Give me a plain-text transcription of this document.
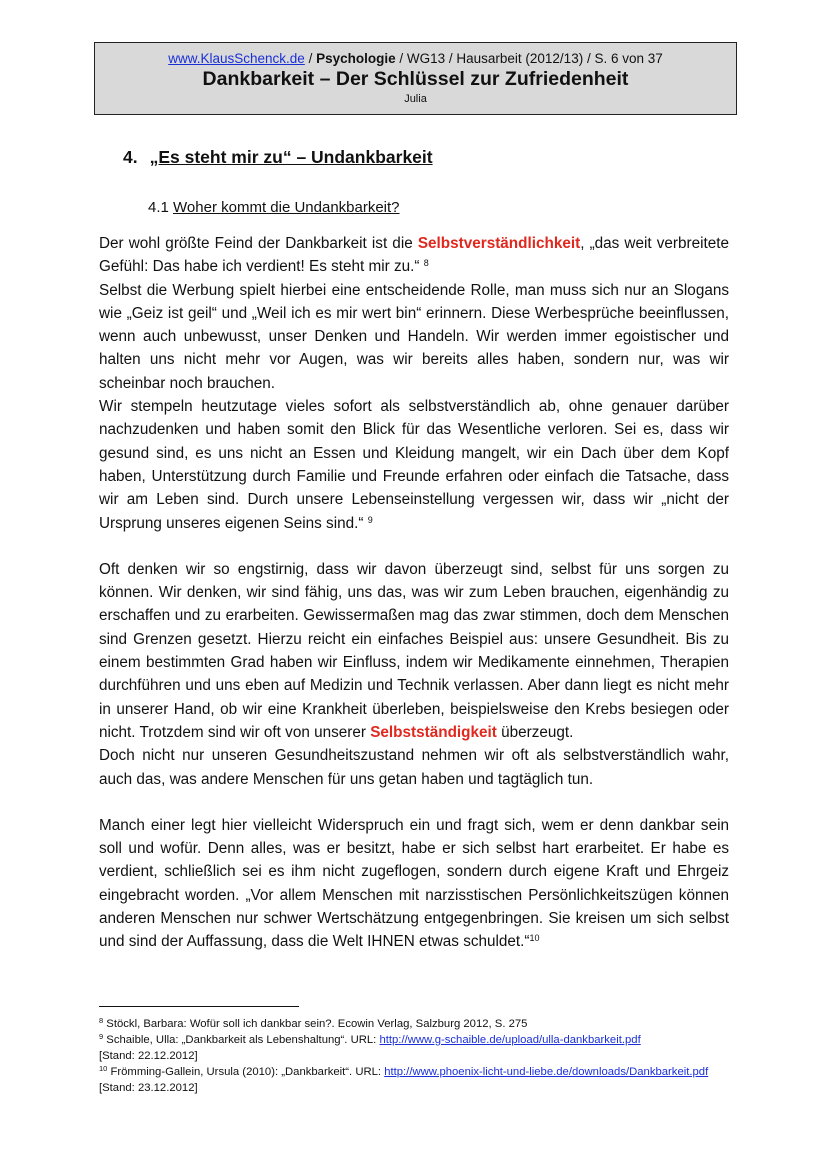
www.KlausSchenck.de / Psychologie / WG13 / Hausarbeit (2012/13) / S. 6 von 37
Dankbarkeit – Der Schlüssel zur Zufriedenheit
Julia
4. „Es steht mir zu“ – Undankbarkeit
4.1 Woher kommt die Undankbarkeit?

Der wohl größte Feind der Dankbarkeit ist die Selbstverständlichkeit, „das weit verbreitete Gefühl: Das habe ich verdient! Es steht mir zu.“ $^8$

Selbst die Werbung spielt hierbei eine entscheidende Rolle, man muss sich nur an Slogans wie „Geiz ist geil“ und „Weil ich es mir wert bin“ erinnern. Diese Werbesprüche beeinflussen, wenn auch unbewusst, unser Denken und Handeln. Wir werden immer egoistischer und halten uns nicht mehr vor Augen, was wir bereits alles haben, sondern nur, was wir scheinbar noch brauchen.

Wir stempeln heutzutage vieles sofort als selbstverständlich ab, ohne genauer darüber nachzudenken und haben somit den Blick für das Wesentliche verloren. Sei es, dass wir gesund sind, es uns nicht an Essen und Kleidung mangelt, wir ein Dach über dem Kopf haben, Unterstützung durch Familie und Freunde erfahren oder einfach die Tatsache, dass wir am Leben sind. Durch unsere Lebenseinstellung vergessen wir, dass wir „nicht der Ursprung unseres eigenen Seins sind.“ $^9$

Oft denken wir so engstirnig, dass wir davon überzeugt sind, selbst für uns sorgen zu können. Wir denken, wir sind fähig, uns das, was wir zum Leben brauchen, eigenhändig zu erschaffen und zu erarbeiten. Gewissermaßen mag das zwar stimmen, doch dem Menschen sind Grenzen gesetzt. Hierzu reicht ein einfaches Beispiel aus: unsere Gesundheit. Bis zu einem bestimmten Grad haben wir Einfluss, indem wir Medikamente einnehmen, Therapien durchführen und uns eben auf Medizin und Technik verlassen. Aber dann liegt es nicht mehr in unserer Hand, ob wir eine Krankheit überleben, beispielsweise den Krebs besiegen oder nicht. Trotzdem sind wir oft von unserer Selbstständigkeit überzeugt.

Doch nicht nur unseren Gesundheitszustand nehmen wir oft als selbstverständlich wahr, auch das, was andere Menschen für uns getan haben und tagtäglich tun.

Manch einer legt hier vielleicht Widerspruch ein und fragt sich, wem er denn dankbar sein soll und wofür. Denn alles, was er besitzt, habe er sich selbst hart erarbeitet. Er habe es verdient, schließlich sei es ihm nicht zugeflogen, sondern durch eigene Kraft und Ehrgeiz eingebracht worden. „Vor allem Menschen mit narzisstischen Persönlichkeitszügen können anderen Menschen nur schwer Wertschätzung entgegenbringen. Sie kreisen um sich selbst und sind der Auffassung, dass die Welt IHNEN etwas schuldet.“$^{10}$

$^8$ Stöckl, Barbara: Wofür soll ich dankbar sein?. Ecowin Verlag, Salzburg 2012, S. 275
$^9$ Schaible, Ulla: „Dankbarkeit als Lebenshaltung“. URL: http://www.g-schaible.de/upload/ulla-dankbarkeit.pdf
[Stand: 22.12.2012]
$^{10}$ Frömming-Gallein, Ursula (2010): „Dankbarkeit“. URL: http://www.phoenix-licht-und-liebe.de/downloads/Dankbarkeit.pdf [Stand: 23.12.2012]
